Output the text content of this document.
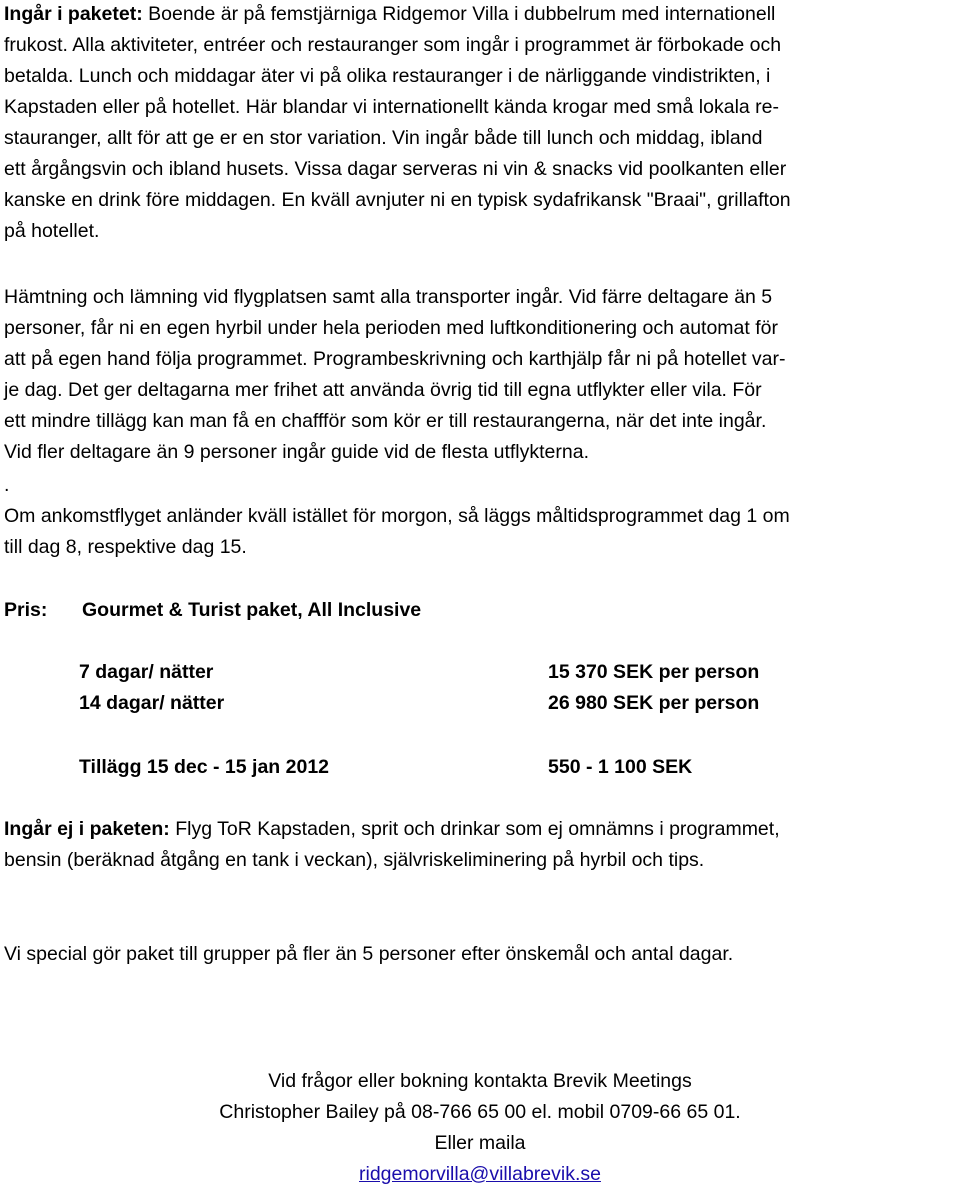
Ingår i paketet: Boende är på femstjärniga Ridgemor Villa i dubbelrum med internationell
frukost. Alla aktiviteter, entréer och restauranger som ingår i programmet är förbokade och
betalda. Lunch och middagar äter vi på olika restauranger i de närliggande vindistrikten, i
Kapstaden eller på hotellet. Här blandar vi internationellt kända krogar med små lokala re-
stauranger, allt för att ge er en stor variation. Vin ingår både till lunch och middag, ibland
ett årgångsvin och ibland husets. Vissa dagar serveras ni vin & snacks vid poolkanten eller
kanske en drink före middagen. En kväll avnjuter ni en typisk sydafrikansk "Braai", grillafton
på hotellet.
Hämtning och lämning vid flygplatsen samt alla transporter ingår. Vid färre deltagare än 5
personer, får ni en egen hyrbil under hela perioden med luftkonditionering och automat för
att på egen hand följa programmet. Programbeskrivning och karthjälp får ni på hotellet var-
je dag. Det ger deltagarna mer frihet att använda övrig tid till egna utflykter eller vila. För
ett mindre tillägg kan man få en chaffför som kör er till restaurangerna, när det inte ingår.
Vid fler deltagare än 9 personer ingår guide vid de flesta utflykterna.
.
Om ankomstflyget anländer kväll istället för morgon, så läggs måltidsprogrammet dag 1 om
till dag 8, respektive dag 15.
Pris: Gourmet & Turist paket, All Inclusive
7 dagar/ nätter	15 370 SEK per person
14 dagar/ nätter	26 980 SEK per person
Tillägg 15 dec - 15 jan 2012	550 - 1 100 SEK
Ingår ej i paketen: Flyg ToR Kapstaden, sprit och drinkar som ej omnämns i programmet,
bensin (beräknad åtgång en tank i veckan), självriskeliminering på hyrbil och tips.
Vi special gör paket till grupper på fler än 5 personer efter önskemål och antal dagar.
Vid frågor eller bokning kontakta Brevik Meetings
Christopher Bailey på 08-766 65 00 el. mobil 0709-66 65 01.
Eller maila
ridgemorvilla@villabrevik.se
